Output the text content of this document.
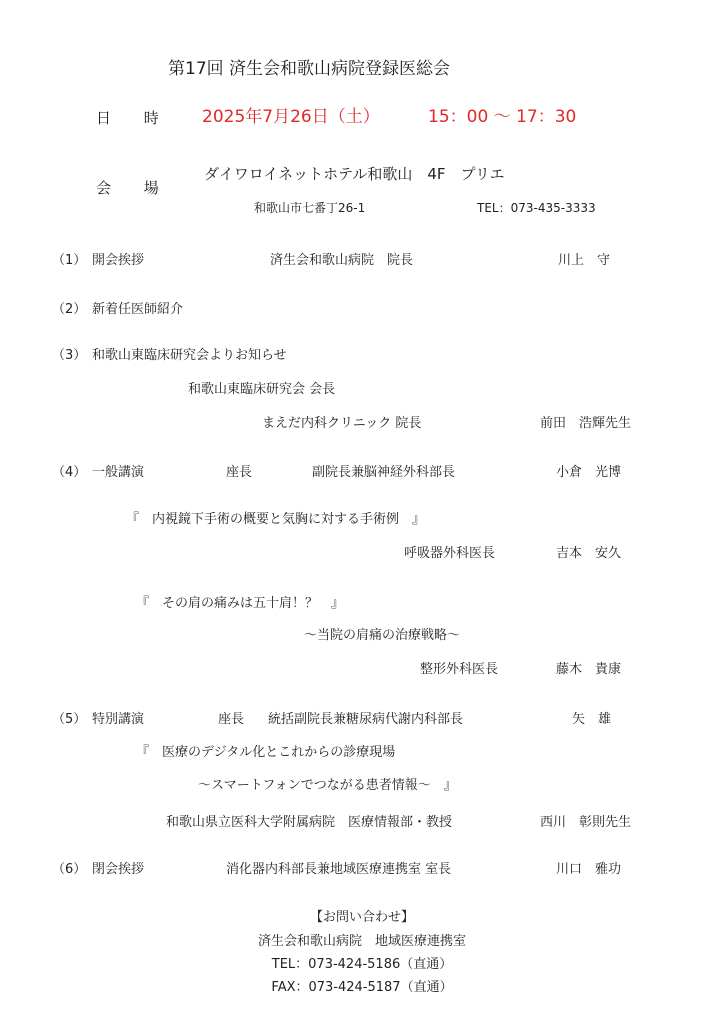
第17回 済生会和歌山病院登録医総会
日 時 2025年7月26日（土）	15：00 ～ 17：30
会 場
ダイワロイネットホテル和歌山　4F　プリエ
和歌山市七番丁26-1	TEL：073-435-3333
（1） 開会挨拶	済生会和歌山病院　院長	川上　守
（2） 新着任医師紹介
（3） 和歌山東臨床研究会よりお知らせ
和歌山東臨床研究会 会長
まえだ内科クリニック 院長	前田　浩輝先生
（4） 一般講演	座長	副院長兼脳神経外科部長	小倉　光博
『　内視鏡下手術の概要と気胸に対する手術例　』
呼吸器外科医長	吉本　安久
『　その肩の痛みは五十肩！？　』
～当院の肩痛の治療戦略～
整形外科医長	藤木　貴康
（5） 特別講演	座長 統括副院長兼糖尿病代謝内科部長	矢　雄
『　医療のデジタル化とこれからの診療現場
～スマートフォンでつながる患者情報～　』
和歌山県立医科大学附属病院　医療情報部・教授	西川　彰則先生
（6） 閉会挨拶	消化器内科部長兼地域医療連携室 室長	川口　雅功
【お問い合わせ】
済生会和歌山病院　地域医療連携室
TEL：073-424-5186（直通）
FAX：073-424-5187（直通）
